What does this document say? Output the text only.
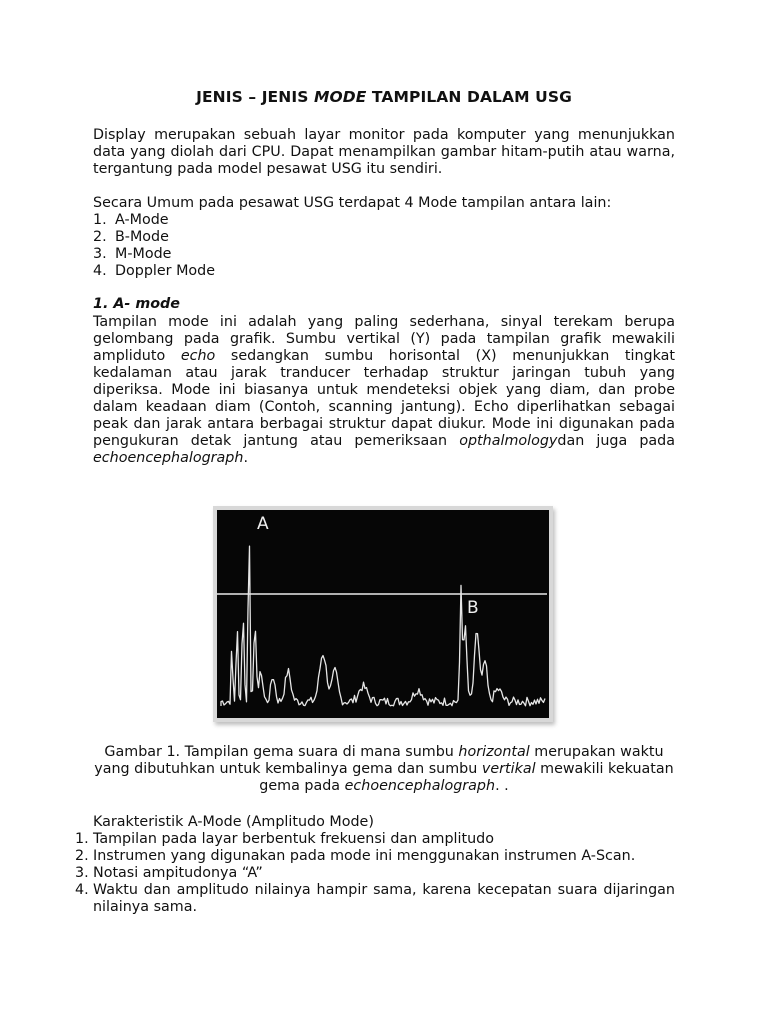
JENIS – JENIS MODE TAMPILAN DALAM USG
Display merupakan sebuah layar monitor pada komputer yang menunjukkan data yang diolah dari CPU. Dapat menampilkan gambar hitam-putih atau warna, tergantung pada model pesawat USG itu sendiri.
Secara Umum pada pesawat USG terdapat 4 Mode tampilan antara lain:
1. A-Mode
2. B-Mode
3. M-Mode
4. Doppler Mode
1. A- mode
Tampilan mode ini adalah yang paling sederhana, sinyal terekam berupa gelombang pada grafik. Sumbu vertikal (Y) pada tampilan grafik mewakili ampliduto echo sedangkan sumbu horisontal (X) menunjukkan tingkat kedalaman atau jarak tranducer terhadap struktur jaringan tubuh yang diperiksa. Mode ini biasanya untuk mendeteksi objek yang diam, dan probe dalam keadaan diam (Contoh, scanning jantung). Echo diperlihatkan sebagai peak dan jarak antara berbagai struktur dapat diukur. Mode ini digunakan pada pengukuran detak jantung atau pemeriksaan opthalmologydan juga pada echoencephalograph.
A
B
Gambar 1. Tampilan gema suara di mana sumbu horizontal merupakan waktu yang dibutuhkan untuk kembalinya gema dan sumbu vertikal mewakili kekuatan gema pada echoencephalograph. .
Karakteristik A-Mode (Amplitudo Mode)
1. Tampilan pada layar berbentuk frekuensi dan amplitudo
2. Instrumen yang digunakan pada mode ini menggunakan instrumen A-Scan.
3. Notasi ampitudonya “A”
4. Waktu dan amplitudo nilainya hampir sama, karena kecepatan suara dijaringan nilainya sama.
